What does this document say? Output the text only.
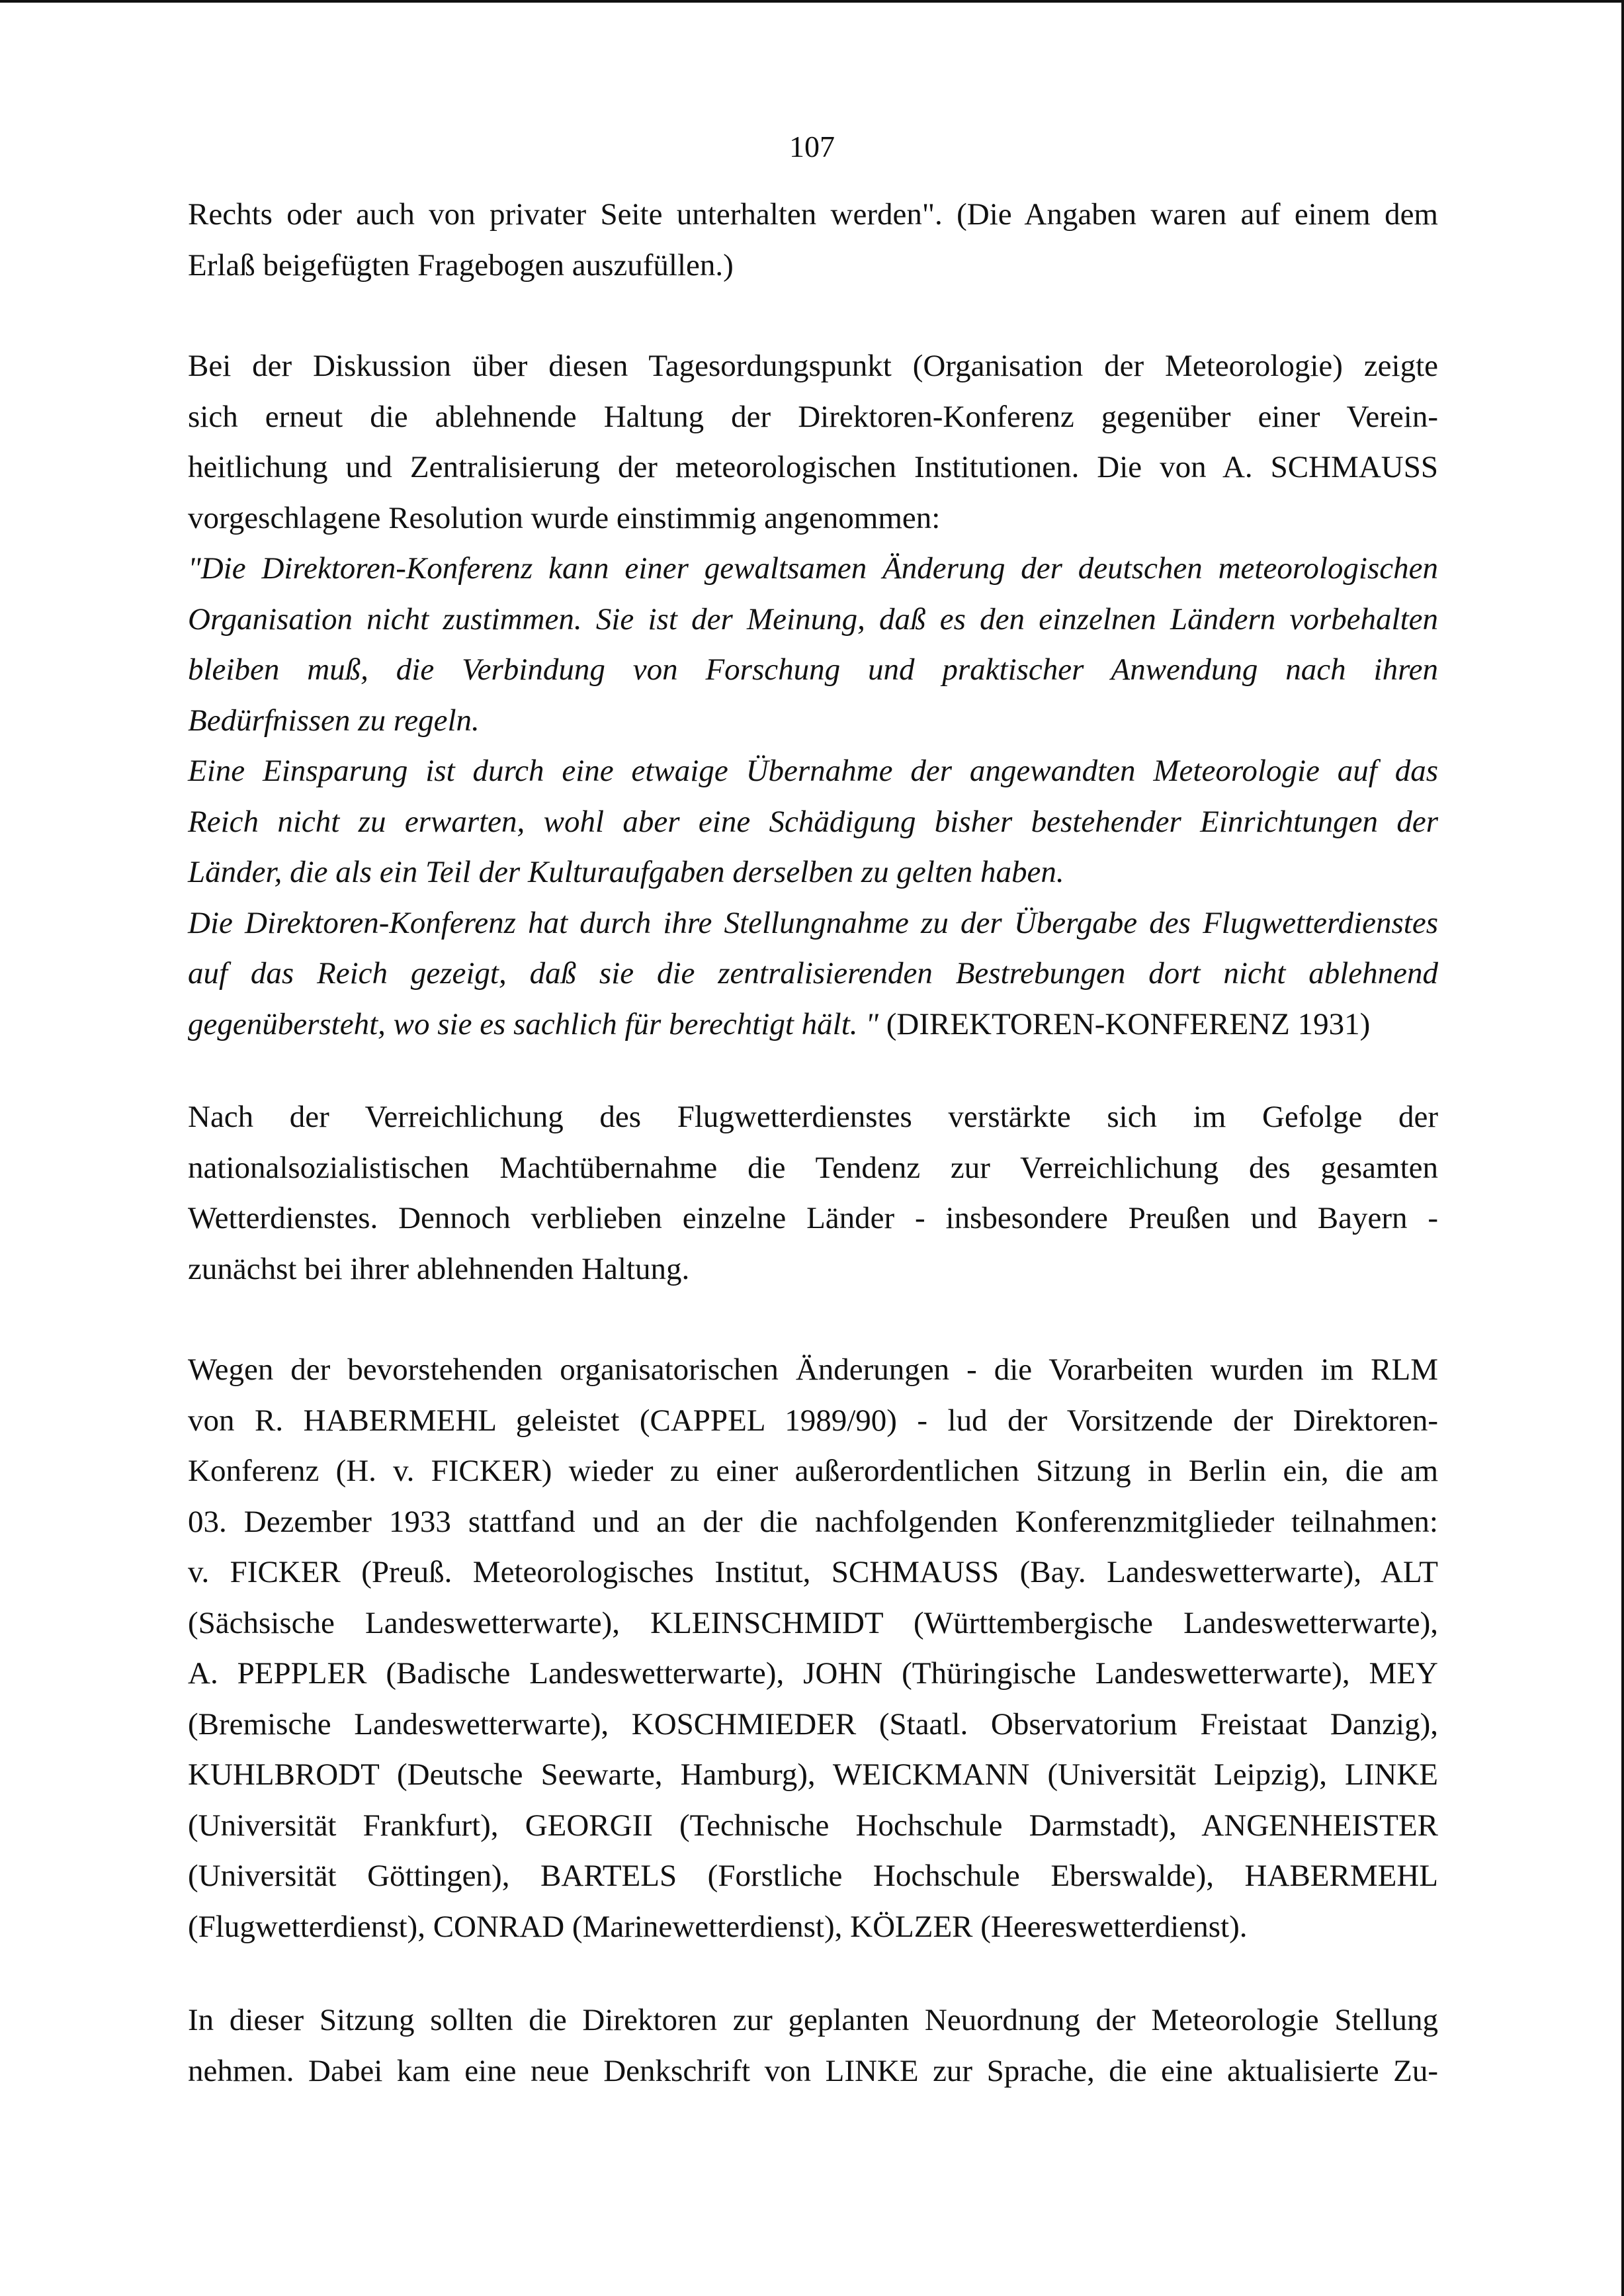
107
Rechts oder auch von privater Seite unterhalten werden". (Die Angaben waren auf einem dem
Erlaß beigefügten Fragebogen auszufüllen.)
Bei der Diskussion über diesen Tagesordungspunkt (Organisation der Meteorologie) zeigte
sich erneut die ablehnende Haltung der Direktoren-Konferenz gegenüber einer Verein-
heitlichung und Zentralisierung der meteorologischen Institutionen. Die von A. SCHMAUSS
vorgeschlagene Resolution wurde einstimmig angenommen:
"Die Direktoren-Konferenz kann einer gewaltsamen Änderung der deutschen meteorologischen
Organisation nicht zustimmen. Sie ist der Meinung, daß es den einzelnen Ländern vorbehalten
bleiben muß, die Verbindung von Forschung und praktischer Anwendung nach ihren
Bedürfnissen zu regeln.
Eine Einsparung ist durch eine etwaige Übernahme der angewandten Meteorologie auf das
Reich nicht zu erwarten, wohl aber eine Schädigung bisher bestehender Einrichtungen der
Länder, die als ein Teil der Kulturaufgaben derselben zu gelten haben.
Die Direktoren-Konferenz hat durch ihre Stellungnahme zu der Übergabe des Flugwetterdienstes
auf das Reich gezeigt, daß sie die zentralisierenden Bestrebungen dort nicht ablehnend
gegenübersteht, wo sie es sachlich für berechtigt hält. " (DIREKTOREN-KONFERENZ 1931)
Nach der Verreichlichung des Flugwetterdienstes verstärkte sich im Gefolge der
nationalsozialistischen Machtübernahme die Tendenz zur Verreichlichung des gesamten
Wetterdienstes. Dennoch verblieben einzelne Länder - insbesondere Preußen und Bayern -
zunächst bei ihrer ablehnenden Haltung.
Wegen der bevorstehenden organisatorischen Änderungen - die Vorarbeiten wurden im RLM
von R. HABERMEHL geleistet (CAPPEL 1989/90) - lud der Vorsitzende der Direktoren-
Konferenz (H. v. FICKER) wieder zu einer außerordentlichen Sitzung in Berlin ein, die am
03. Dezember 1933 stattfand und an der die nachfolgenden Konferenzmitglieder teilnahmen:
v. FICKER (Preuß. Meteorologisches Institut, SCHMAUSS (Bay. Landeswetterwarte), ALT
(Sächsische Landeswetterwarte), KLEINSCHMIDT (Württembergische Landeswetterwarte),
A. PEPPLER (Badische Landeswetterwarte), JOHN (Thüringische Landeswetterwarte), MEY
(Bremische Landeswetterwarte), KOSCHMIEDER (Staatl. Observatorium Freistaat Danzig),
KUHLBRODT (Deutsche Seewarte, Hamburg), WEICKMANN (Universität Leipzig), LINKE
(Universität Frankfurt), GEORGII (Technische Hochschule Darmstadt), ANGENHEISTER
(Universität Göttingen), BARTELS (Forstliche Hochschule Eberswalde), HABERMEHL
(Flugwetterdienst), CONRAD (Marinewetterdienst), KÖLZER (Heereswetterdienst).
In dieser Sitzung sollten die Direktoren zur geplanten Neuordnung der Meteorologie Stellung
nehmen. Dabei kam eine neue Denkschrift von LINKE zur Sprache, die eine aktualisierte Zu-
